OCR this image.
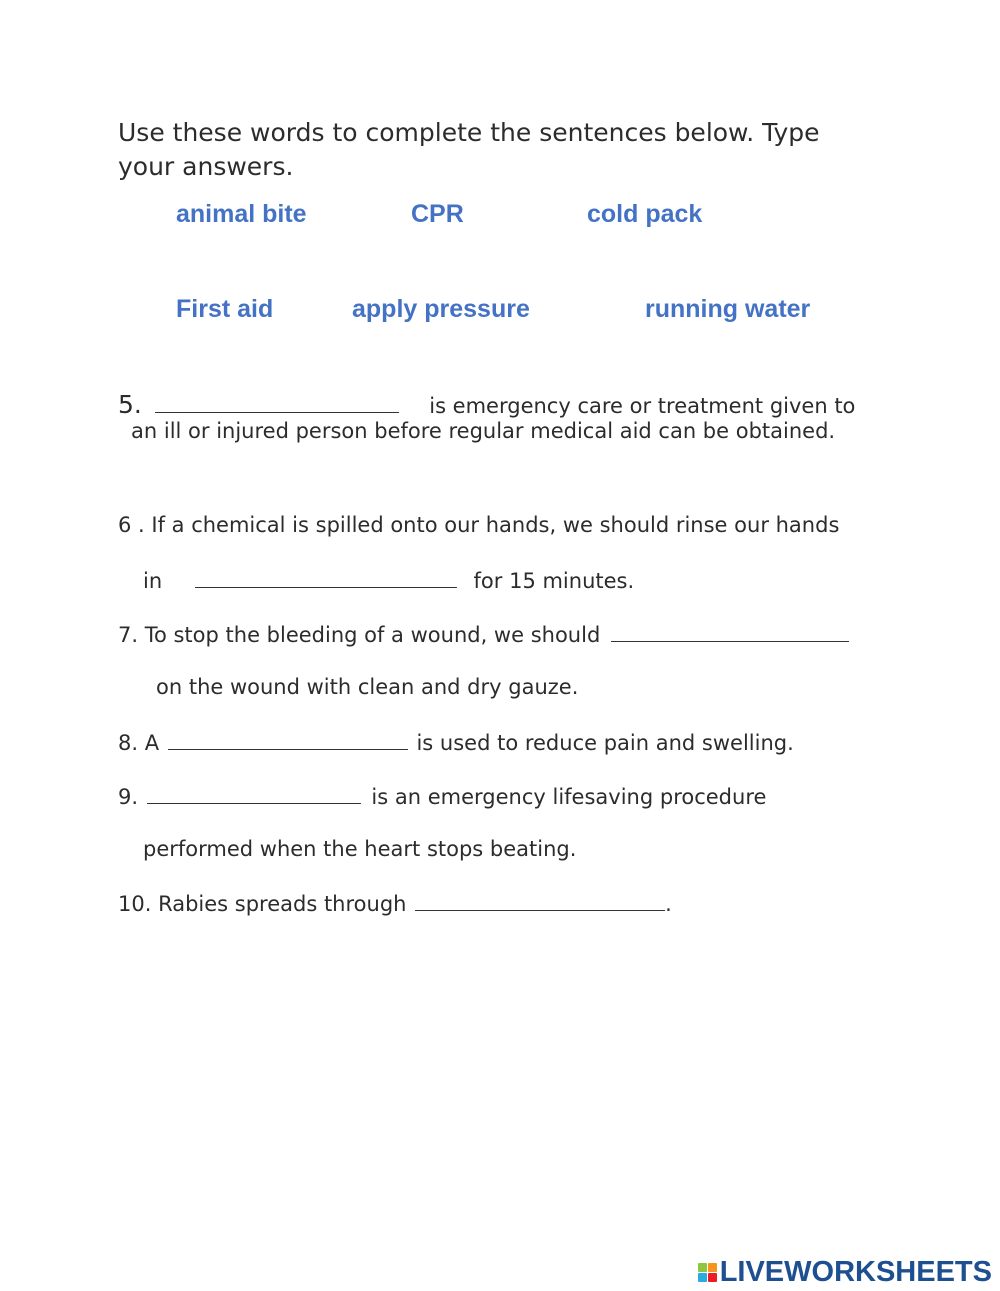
Use these words to complete the sentences below. Type your answers.
animal bite	CPR	cold pack
First aid	apply pressure	running water
5.	is emergency care or treatment given to
an ill or injured person before regular medical aid can be obtained.
6 . If a chemical is spilled onto our hands, we should rinse our hands
in	for 15 minutes.
7. To stop the bleeding of a wound, we should
on the wound with clean and dry gauze.
8. A	is used to reduce pain and swelling.
9.	is an emergency lifesaving procedure
performed when the heart stops beating.
10. Rabies spreads through	.
LIVEWORKSHEETS
